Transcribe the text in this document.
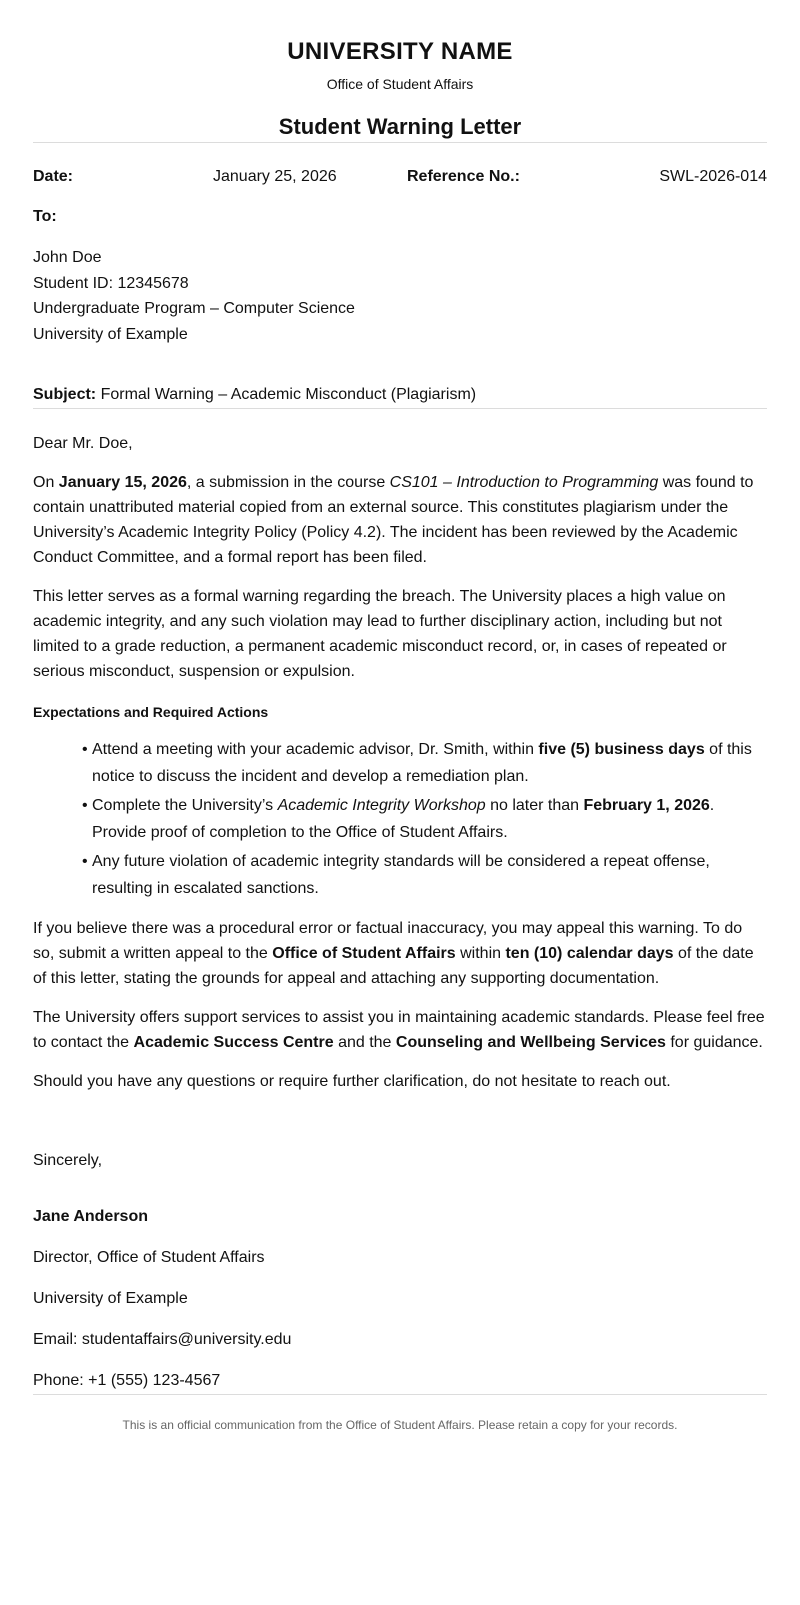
UNIVERSITY NAME
Office of Student Affairs
Student Warning Letter
Date:	January 25, 2026	Reference No.:	SWL-2026-014
To:
John Doe
Student ID: 12345678
Undergraduate Program – Computer Science
University of Example
Subject: Formal Warning – Academic Misconduct (Plagiarism)
Dear Mr. Doe,

On January 15, 2026, a submission in the course CS101 – Introduction to Programming was found to contain unattributed material copied from an external source. This constitutes plagiarism under the University’s Academic Integrity Policy (Policy 4.2). The incident has been reviewed by the Academic Conduct Committee, and a formal report has been filed.

This letter serves as a formal warning regarding the breach. The University places a high value on academic integrity, and any such violation may lead to further disciplinary action, including but not limited to a grade reduction, a permanent academic misconduct record, or, in cases of repeated or serious misconduct, suspension or expulsion.

Expectations and Required Actions
• Attend a meeting with your academic advisor, Dr. Smith, within five (5) business days of this notice to discuss the incident and develop a remediation plan.
• Complete the University’s Academic Integrity Workshop no later than February 1, 2026. Provide proof of completion to the Office of Student Affairs.
• Any future violation of academic integrity standards will be considered a repeat offense, resulting in escalated sanctions.

If you believe there was a procedural error or factual inaccuracy, you may appeal this warning. To do so, submit a written appeal to the Office of Student Affairs within ten (10) calendar days of the date of this letter, stating the grounds for appeal and attaching any supporting documentation.

The University offers support services to assist you in maintaining academic standards. Please feel free to contact the Academic Success Centre and the Counseling and Wellbeing Services for guidance.

Should you have any questions or require further clarification, do not hesitate to reach out.

Sincerely,
Jane Anderson
Director, Office of Student Affairs
University of Example
Email: studentaffairs@university.edu
Phone: +1 (555) 123-4567
This is an official communication from the Office of Student Affairs. Please retain a copy for your records.
